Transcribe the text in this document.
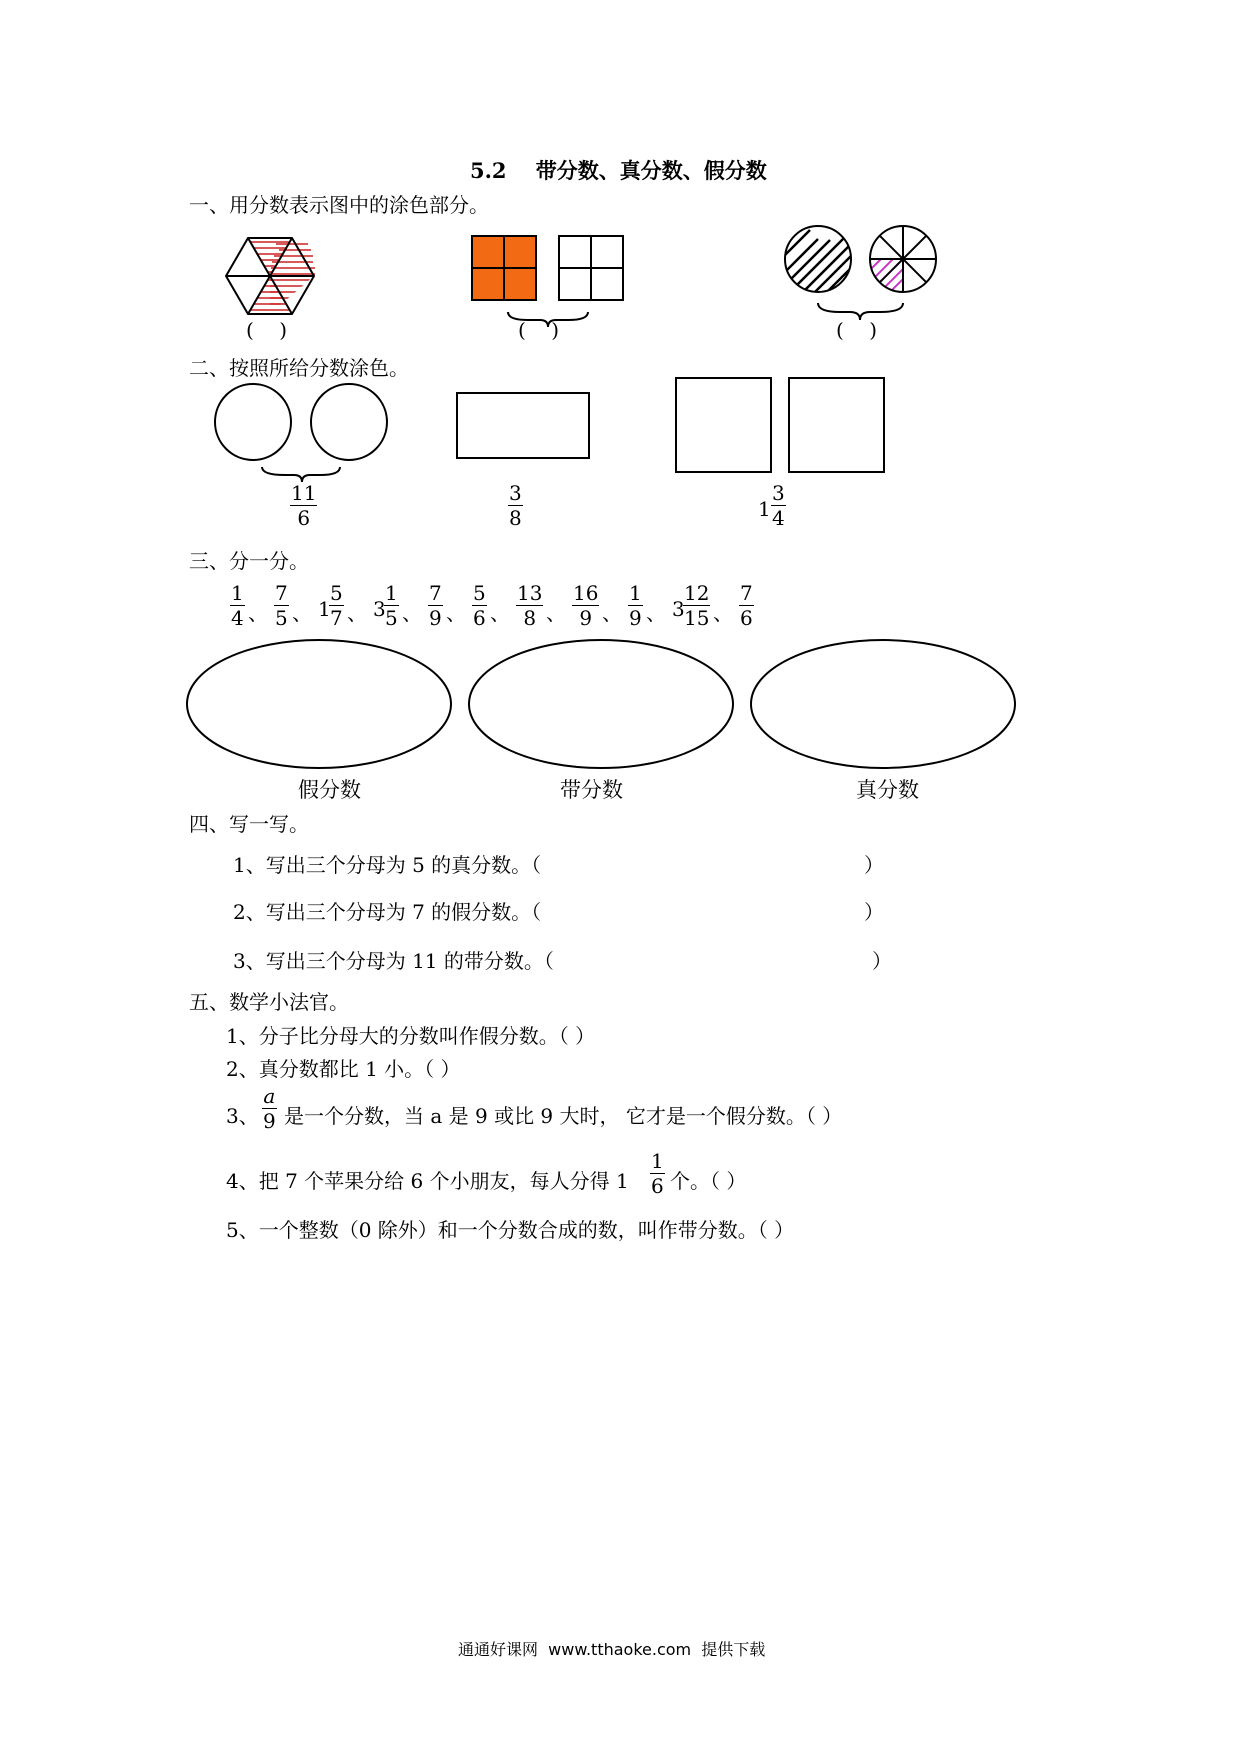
5.2    带分数、真分数、假分数
一、用分数表示图中的涂色部分。
(    )	(    )	(    )
二、按照所给分数涂色。
11
6
3
8	1
3
4
三、分一分。
1
4 、
7
5 、 1
5
7 、 3
1
5 、
7
9 、
5
6 、
13
8 、
16
9 、
1
9 、 3
12
15 、
7
6
假分数	带分数	真分数
四、写一写。
1、写出三个分母为 5 的真分数。（	）
2、写出三个分母为 7 的假分数。（	）
3、写出三个分母为 11 的带分数。（	）
五、数学小法官。
1、分子比分母大的分数叫作假分数。（ ）
2、真分数都比 1 小。（ ）
3、
a
9 是一个分数，当 a 是 9 或比 9 大时， 它才是一个假分数。（ ）
4、把 7 个苹果分给 6 个小朋友，每人分得 1
1
6 个。（ ）
5、一个整数（0 除外）和一个分数合成的数，叫作带分数。（ ）
通通好课网  www.tthaoke.com  提供下载
